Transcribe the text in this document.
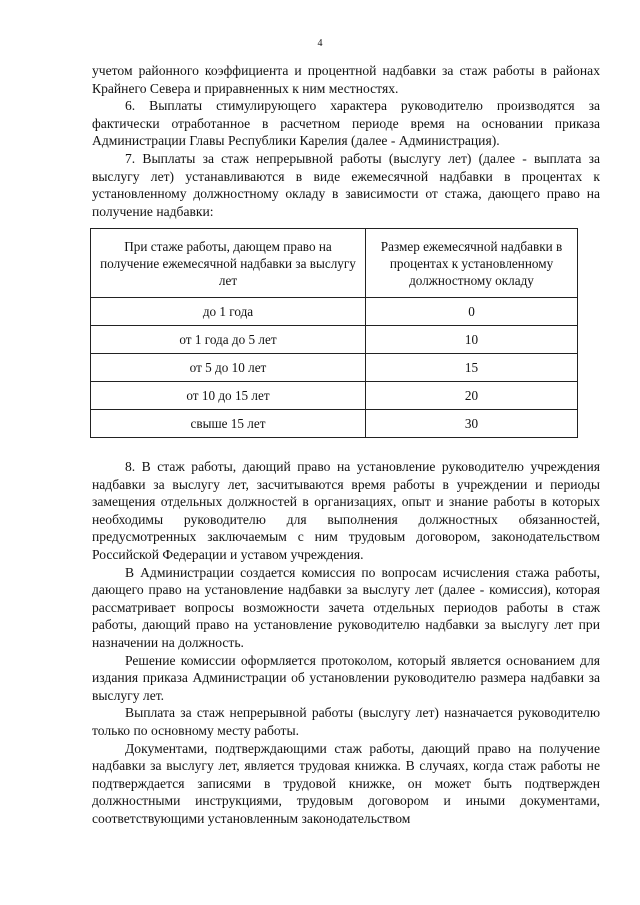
4

учетом районного коэффициента и процентной надбавки за стаж работы в районах Крайнего Севера и приравненных к ним местностях.

6. Выплаты стимулирующего характера руководителю производятся за фактически отработанное в расчетном периоде время на основании приказа Администрации Главы Республики Карелия (далее - Администрация).

7. Выплаты за стаж непрерывной работы (выслугу лет) (далее - выплата за выслугу лет) устанавливаются в виде ежемесячной надбавки в процентах к установленному должностному окладу в зависимости от стажа, дающего право на получение надбавки:

При стаже работы, дающем право на получение ежемесячной надбавки за выслугу лет	Размер ежемесячной надбавки в процентах к установленному должностному окладу
до 1 года	0
от 1 года до 5 лет	10
от 5 до 10 лет	15
от 10 до 15 лет	20
свыше 15 лет	30

8. В стаж работы, дающий право на установление руководителю учреждения надбавки за выслугу лет, засчитываются время работы в учреждении и периоды замещения отдельных должностей в организациях, опыт и знание работы в которых необходимы руководителю для выполнения должностных обязанностей, предусмотренных заключаемым с ним трудовым договором, законодательством Российской Федерации и уставом учреждения.

В Администрации создается комиссия по вопросам исчисления стажа работы, дающего право на установление надбавки за выслугу лет (далее - комиссия), которая рассматривает вопросы возможности зачета отдельных периодов работы в стаж работы, дающий право на установление руководителю надбавки за выслугу лет при назначении на должность.

Решение комиссии оформляется протоколом, который является основанием для издания приказа Администрации об установлении руководителю размера надбавки за выслугу лет.

Выплата за стаж непрерывной работы (выслугу лет) назначается руководителю только по основному месту работы.

Документами, подтверждающими стаж работы, дающий право на получение надбавки за выслугу лет, является трудовая книжка. В случаях, когда стаж работы не подтверждается записями в трудовой книжке, он может быть подтвержден должностными инструкциями, трудовым договором и иными документами, соответствующими установленным законодательством
